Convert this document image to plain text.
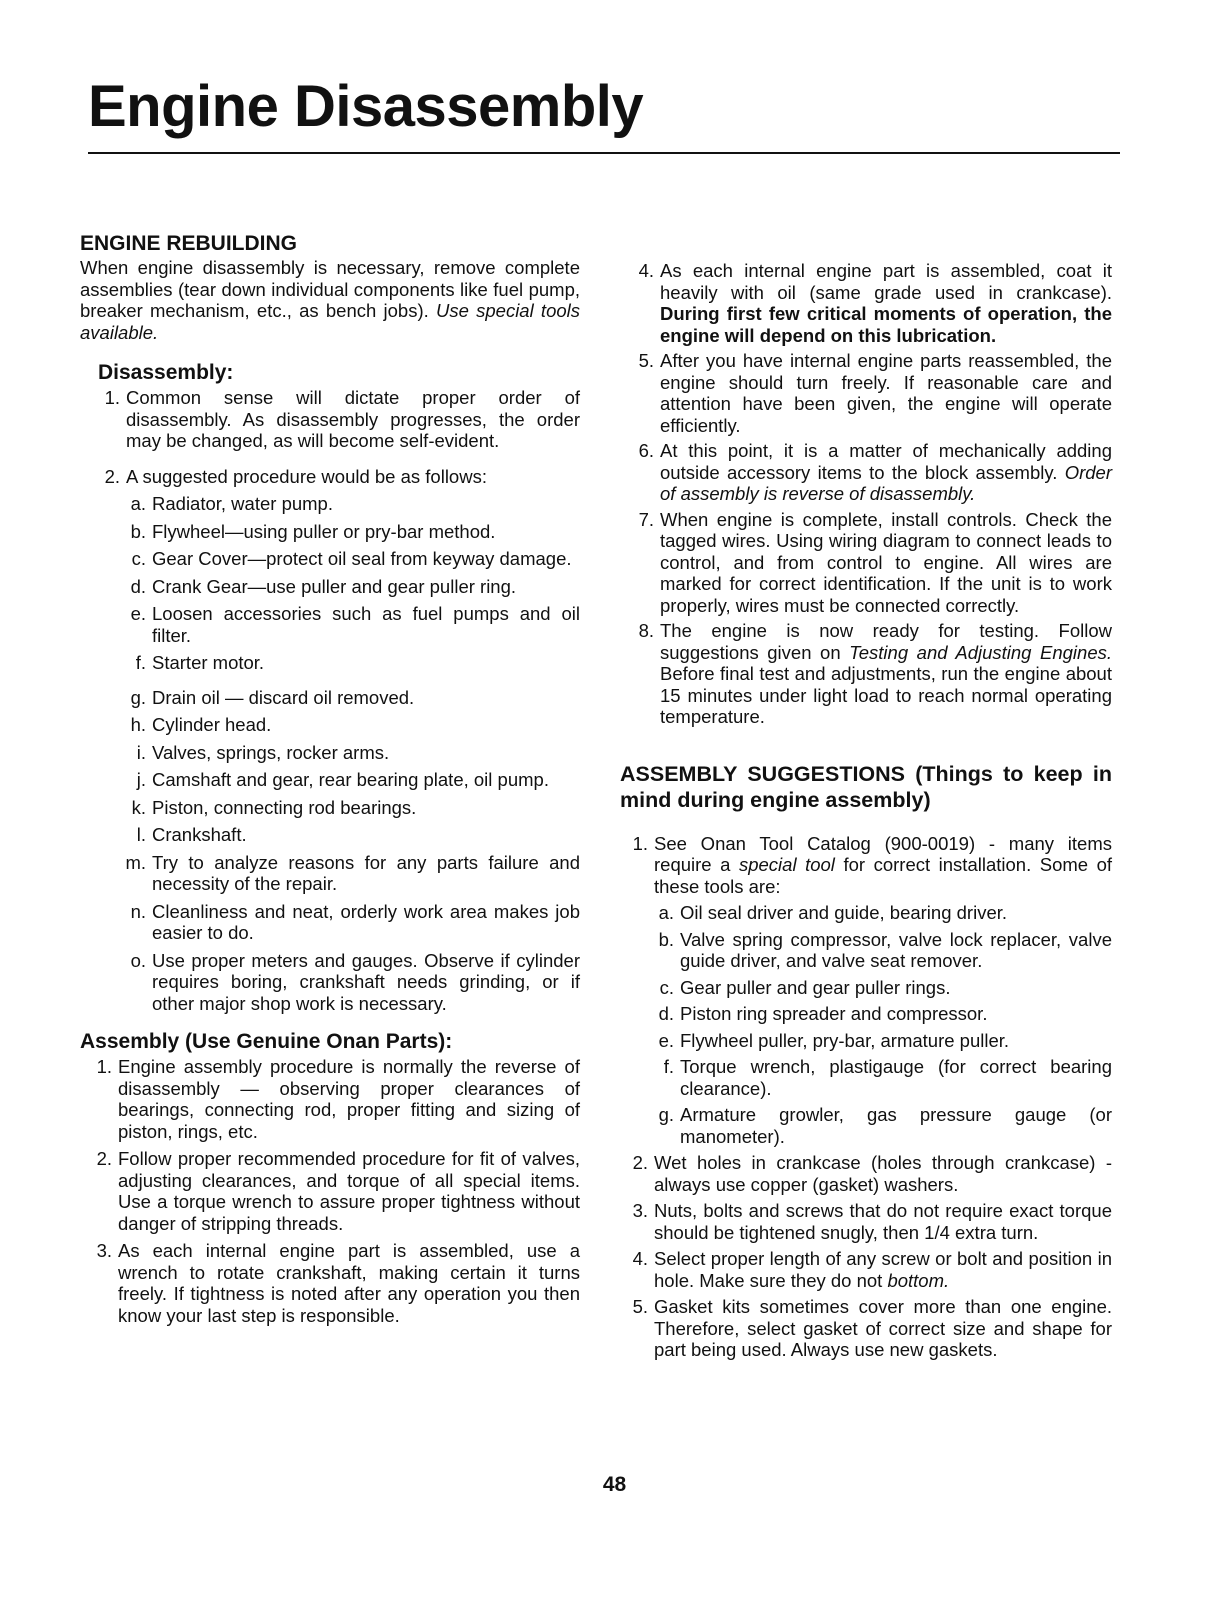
Engine Disassembly
ENGINE REBUILDING

When engine disassembly is necessary, remove complete assemblies (tear down individual components like fuel pump, breaker mechanism, etc., as bench jobs). Use special tools available.

Disassembly:
1. Common sense will dictate proper order of disassembly. As disassembly progresses, the order may be changed, as will become self-evident.
2. A suggested procedure would be as follows:
a. Radiator, water pump.
b. Flywheel—using puller or pry-bar method.
c. Gear Cover—protect oil seal from keyway damage.
d. Crank Gear—use puller and gear puller ring.
e. Loosen accessories such as fuel pumps and oil filter.
f. Starter motor.
g. Drain oil — discard oil removed.
h. Cylinder head.
i. Valves, springs, rocker arms.
j. Camshaft and gear, rear bearing plate, oil pump.
k. Piston, connecting rod bearings.
l. Crankshaft.
m. Try to analyze reasons for any parts failure and necessity of the repair.
n. Cleanliness and neat, orderly work area makes job easier to do.
o. Use proper meters and gauges. Observe if cylinder requires boring, crankshaft needs grinding, or if other major shop work is necessary.
Assembly (Use Genuine Onan Parts):
1. Engine assembly procedure is normally the reverse of disassembly — observing proper clearances of bearings, connecting rod, proper fitting and sizing of piston, rings, etc.
2. Follow proper recommended procedure for fit of valves, adjusting clearances, and torque of all special items. Use a torque wrench to assure proper tightness without danger of stripping threads.
3. As each internal engine part is assembled, use a wrench to rotate crankshaft, making certain it turns freely. If tightness is noted after any operation you then know your last step is responsible.
4. As each internal engine part is assembled, coat it heavily with oil (same grade used in crankcase). During first few critical moments of operation, the engine will depend on this lubrication.
5. After you have internal engine parts reassembled, the engine should turn freely. If reasonable care and attention have been given, the engine will operate efficiently.
6. At this point, it is a matter of mechanically adding outside accessory items to the block assembly. Order of assembly is reverse of disassembly.
7. When engine is complete, install controls. Check the tagged wires. Using wiring diagram to connect leads to control, and from control to engine. All wires are marked for correct identification. If the unit is to work properly, wires must be connected correctly.
8. The engine is now ready for testing. Follow suggestions given on Testing and Adjusting Engines. Before final test and adjustments, run the engine about 15 minutes under light load to reach normal operating temperature.
ASSEMBLY SUGGESTIONS (Things to keep in mind during engine assembly)
1. See Onan Tool Catalog (900-0019) - many items require a special tool for correct installation. Some of these tools are:
a. Oil seal driver and guide, bearing driver.
b. Valve spring compressor, valve lock replacer, valve guide driver, and valve seat remover.
c. Gear puller and gear puller rings.
d. Piston ring spreader and compressor.
e. Flywheel puller, pry-bar, armature puller.
f. Torque wrench, plastigauge (for correct bearing clearance).
g. Armature growler, gas pressure gauge (or manometer).
2. Wet holes in crankcase (holes through crankcase) - always use copper (gasket) washers.
3. Nuts, bolts and screws that do not require exact torque should be tightened snugly, then 1/4 extra turn.
4. Select proper length of any screw or bolt and position in hole. Make sure they do not bottom.
5. Gasket kits sometimes cover more than one engine. Therefore, select gasket of correct size and shape for part being used. Always use new gaskets.
48
